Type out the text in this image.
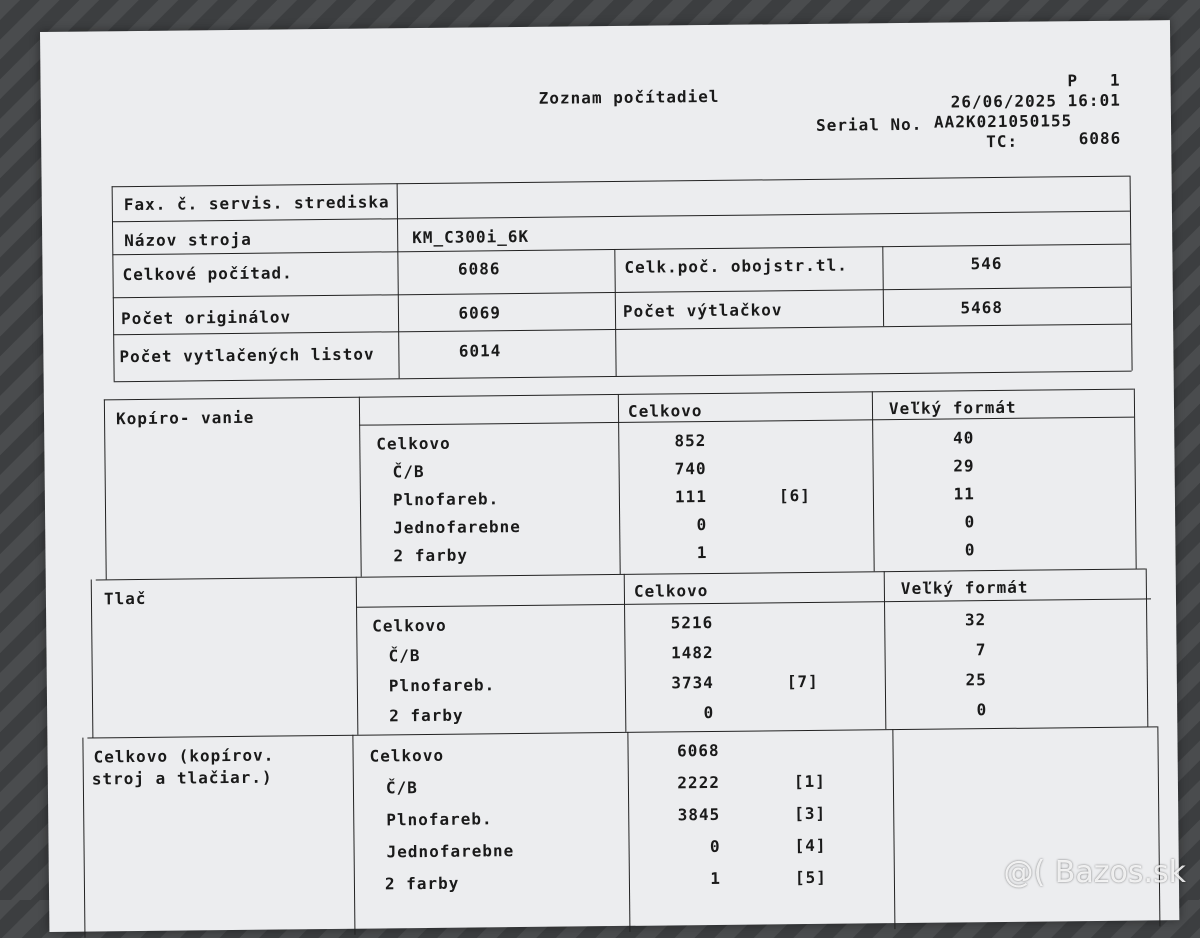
Zoznam počítadiel
P   1
26/06/2025 16:01
Serial No. AA2K021050155
TC:	6086
Fax. č. servis. strediska
Názov stroja	KM_C300i_6K
Celkové počítad.	6086	Celk.poč. obojstr.tl.	546
Počet originálov	6069	Počet výtlačkov	5468
Počet vytlačených listov	6014
Kopíro- vanie	Celkovo	Veľký formát
Celkovo	852	40
Č/B	740	29
Plnofareb.	111	[6]	11
Jednofarebne	0	0
2 farby	1	0
Tlač	Celkovo	Veľký formát
Celkovo	5216	32
Č/B	1482	7
Plnofareb.	3734	[7]	25
2 farby	0	0
Celkovo (kopírov.
stroj a tlačiar.)
Celkovo	6068
Č/B	2222	[1]
Plnofareb.	3845	[3]
Jednofarebne	0	[4]
2 farby	1	[5]	@( Bazos.sk
